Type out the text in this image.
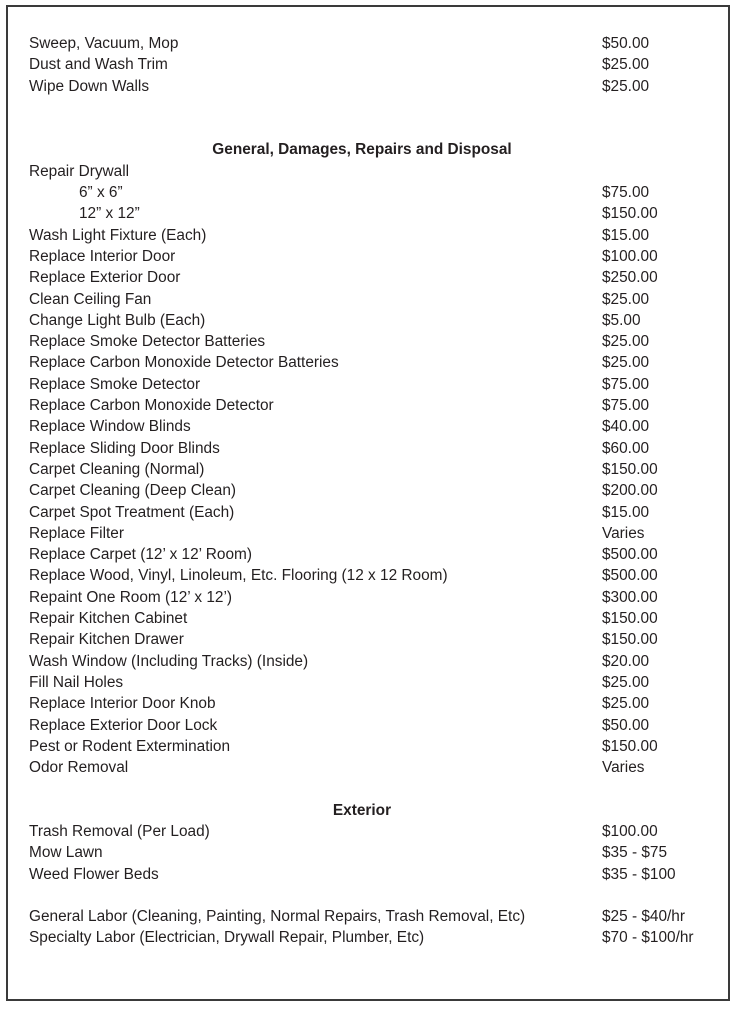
Sweep, Vacuum, Mop	$50.00
Dust and Wash Trim	$25.00
Wipe Down Walls	$25.00
General, Damages, Repairs and Disposal
Repair Drywall
6” x 6”	$75.00
12” x 12”	$150.00
Wash Light Fixture (Each)	$15.00
Replace Interior Door	$100.00
Replace Exterior Door	$250.00
Clean Ceiling Fan	$25.00
Change Light Bulb (Each)	$5.00
Replace Smoke Detector Batteries	$25.00
Replace Carbon Monoxide Detector Batteries	$25.00
Replace Smoke Detector	$75.00
Replace Carbon Monoxide Detector	$75.00
Replace Window Blinds	$40.00
Replace Sliding Door Blinds	$60.00
Carpet Cleaning (Normal)	$150.00
Carpet Cleaning (Deep Clean)	$200.00
Carpet Spot Treatment (Each)	$15.00
Replace Filter	Varies
Replace Carpet (12’ x 12’ Room)	$500.00
Replace Wood, Vinyl, Linoleum, Etc. Flooring (12 x 12 Room)	$500.00
Repaint One Room (12’ x 12’)	$300.00
Repair Kitchen Cabinet	$150.00
Repair Kitchen Drawer	$150.00
Wash Window (Including Tracks) (Inside)	$20.00
Fill Nail Holes	$25.00
Replace Interior Door Knob	$25.00
Replace Exterior Door Lock	$50.00
Pest or Rodent Extermination	$150.00
Odor Removal	Varies
Exterior
Trash Removal (Per Load)	$100.00
Mow Lawn	$35 - $75
Weed Flower Beds	$35 - $100
General Labor (Cleaning, Painting, Normal Repairs, Trash Removal, Etc)	$25 - $40/hr
Specialty Labor (Electrician, Drywall Repair, Plumber, Etc)	$70 - $100/hr
